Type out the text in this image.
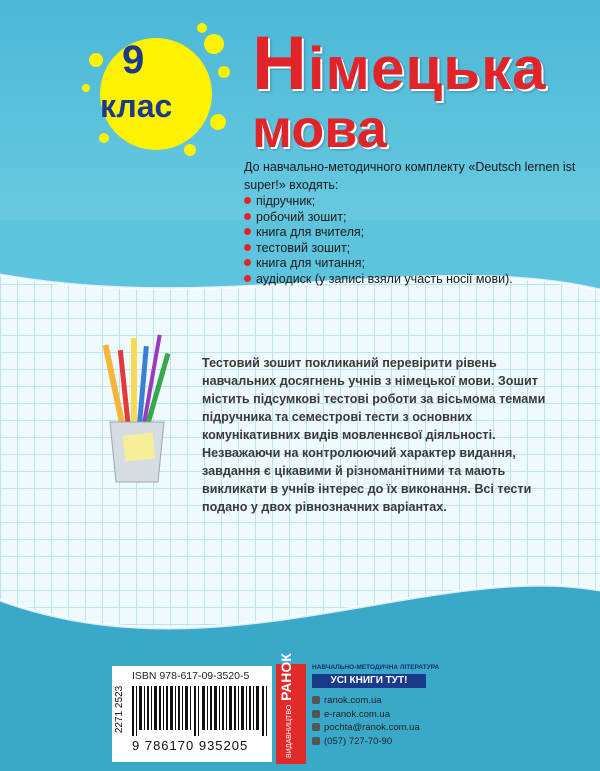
9
клас Німецька
мова
До навчально-методичного комплекту «Deutsch lernen ist super!» входять:
підручник;
робочий зошит;
книга для вчителя;
тестовий зошит;
книга для читання;
аудіодиск (у записі взяли участь носії мови).

Тестовий зошит покликаний перевірити рівень навчальних досягнень учнів з німецької мови. Зошит містить підсумкові тестові роботи за вісьмома темами підручника та семестрові тести з основних комунікативних видів мовленнєвої діяльності. Незважаючи на контролюючий характер видання, завдання є цікавими й різноманітними та мають викликати в учнів інтерес до їх виконання. Всі тести подано у двох рівнозначних варіантах.

ISBN 978-617-09-3520-5
9 786170 935205
2271 2523	ВИДАВНИЦТВО РАНОК	НАВЧАЛЬНО-МЕТОДИЧНА ЛІТЕРАТУРА
УСІ КНИГИ ТУТ!
ranok.com.ua
e-ranok.com.ua
pochta@ranok.com.ua
(057) 727-70-90
